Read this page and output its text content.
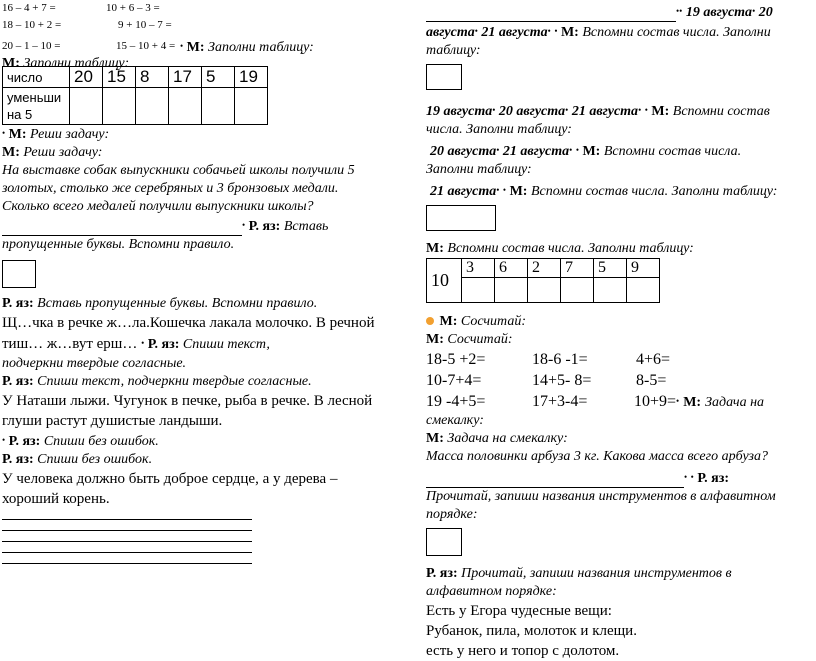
16 – 4 + 7 =	10 + 6 – 3 =
18 – 10 + 2 =	9 + 10 – 7 =
20 – 1 – 10 =	15 – 10 + 4 = • М: Заполни таблицу:
М: Заполни таблицу:
число	20	15	8	17	5	19
уменьши
на 5						
• М: Реши задачу:
М: Реши задачу:
На выставке собак выпускники собачьей школы получили 5
золотых, столько же серебряных и 3 бронзовых медали.
Сколько всего медалей получили выпускники школы?
• Р. яз: Вставь
пропущенные буквы. Вспомни правило.
Р. яз: Вставь пропущенные буквы. Вспомни правило.
Щ…чка в речке ж…ла.Кошечка лакала молочко. В речной
тиш… ж…вут ерш… • Р. яз: Спиши текст,
подчеркни твердые согласные.
Р. яз: Спиши текст, подчеркни твердые согласные.
У Наташи лыжи. Чугунок в печке, рыба в речке. В лесной
глуши растут душистые ландыши.
• Р. яз: Спиши без ошибок.
Р. яз: Спиши без ошибок.
У человека должно быть доброе сердце, а у дерева –
хороший корень.
•• 19 августа• 20
августа• 21 августа• • М: Вспомни состав числа. Заполни
таблицу:
19 августа• 20 августа• 21 августа• • М: Вспомни состав
числа. Заполни таблицу:
20 августа• 21 августа• • М: Вспомни состав числа.
Заполни таблицу:
21 августа• • М: Вспомни состав числа. Заполни таблицу:
М: Вспомни состав числа. Заполни таблицу:
10	3	6	2	7	5	9

М: Сосчитай:
М: Сосчитай:
18-5 +2=	18-6 -1=	4+6=
10-7+4=	14+5- 8=	8-5=
19 -4+5=	17+3-4=	10+9=• М: Задача на
смекалку:
М: Задача на смекалку:
Масса половинки арбуза 3 кг. Какова масса всего арбуза?
• • Р. яз:
Прочитай, запиши названия инструментов в алфавитном
порядке:
Р. яз: Прочитай, запиши названия инструментов в
алфавитном порядке:
Есть у Егора чудесные вещи:
Рубанок, пила, молоток и клещи.
есть у него и топор с долотом.
